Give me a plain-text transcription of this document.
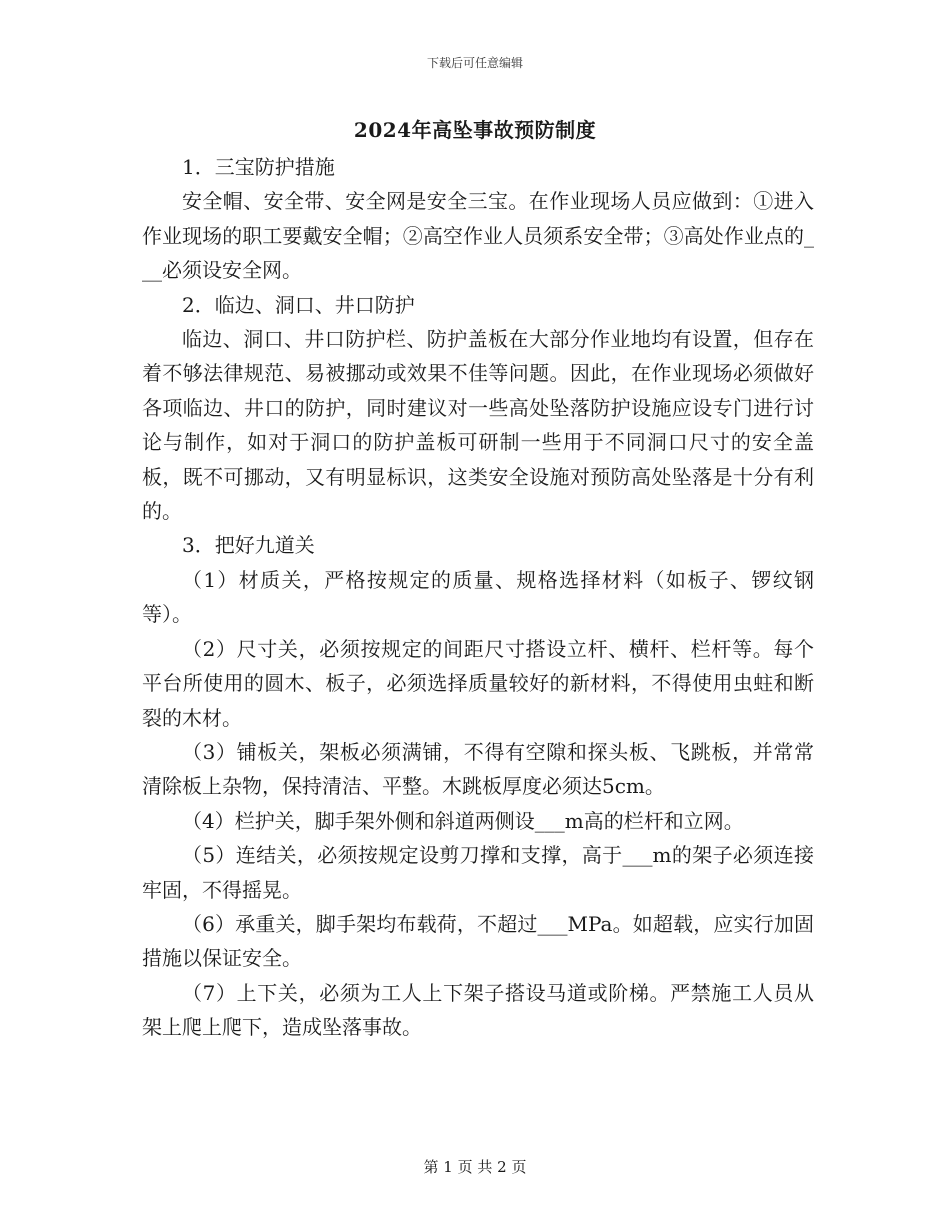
下载后可任意编辑
2024年高坠事故预防制度

1．三宝防护措施

安全帽、安全带、安全网是安全三宝。在作业现场人员应做到：①进入作业现场的职工要戴安全帽；②高空作业人员须系安全带；③高处作业点的___必须设安全网。

2．临边、洞口、井口防护

临边、洞口、井口防护栏、防护盖板在大部分作业地均有设置，但存在着不够法律规范、易被挪动或效果不佳等问题。因此，在作业现场必须做好各项临边、井口的防护，同时建议对一些高处坠落防护设施应设专门进行讨论与制作，如对于洞口的防护盖板可研制一些用于不同洞口尺寸的安全盖板，既不可挪动，又有明显标识，这类安全设施对预防高处坠落是十分有利的。

3．把好九道关

（1）材质关，严格按规定的质量、规格选择材料（如板子、锣纹钢等）。

（2）尺寸关，必须按规定的间距尺寸搭设立杆、横杆、栏杆等。每个平台所使用的圆木、板子，必须选择质量较好的新材料，不得使用虫蛀和断裂的木材。

（3）铺板关，架板必须满铺，不得有空隙和探头板、飞跳板，并常常清除板上杂物，保持清洁、平整。木跳板厚度必须达5cm。

（4）栏护关，脚手架外侧和斜道两侧设___m高的栏杆和立网。

（5）连结关，必须按规定设剪刀撑和支撑，高于___m的架子必须连接牢固，不得摇晃。

（6）承重关，脚手架均布载荷，不超过___MPa。如超载，应实行加固措施以保证安全。

（7）上下关，必须为工人上下架子搭设马道或阶梯。严禁施工人员从架上爬上爬下，造成坠落事故。

第 1 页 共 2 页
